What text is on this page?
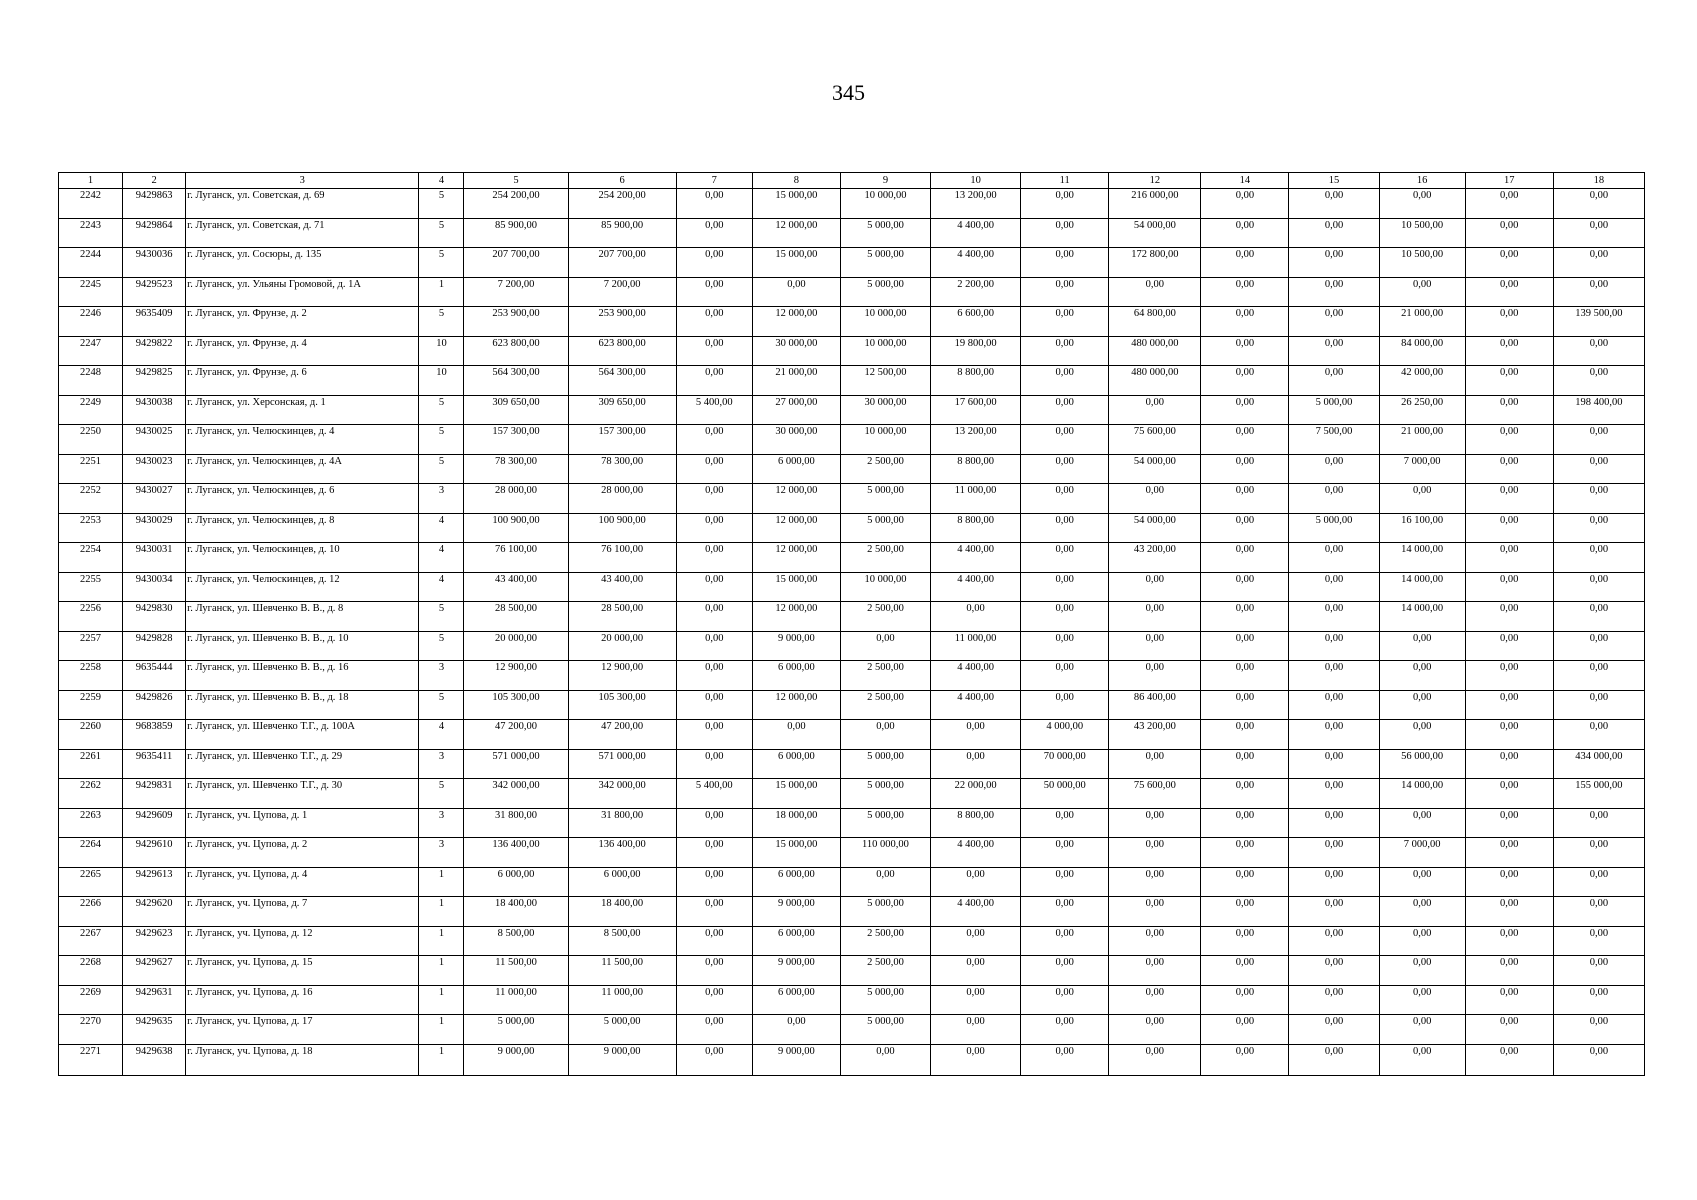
345
1	2	3	4	5	6	7	8	9	10	11	12	14	15	16	17	18
2242	9429863	г. Луганск, ул. Советская, д. 69	5	254 200,00	254 200,00	0,00	15 000,00	10 000,00	13 200,00	0,00	216 000,00	0,00	0,00	0,00	0,00	0,00
2243	9429864	г. Луганск, ул. Советская, д. 71	5	85 900,00	85 900,00	0,00	12 000,00	5 000,00	4 400,00	0,00	54 000,00	0,00	0,00	10 500,00	0,00	0,00
2244	9430036	г. Луганск, ул. Сосюры, д. 135	5	207 700,00	207 700,00	0,00	15 000,00	5 000,00	4 400,00	0,00	172 800,00	0,00	0,00	10 500,00	0,00	0,00
2245	9429523	г. Луганск, ул. Ульяны Громовой, д. 1А	1	7 200,00	7 200,00	0,00	0,00	5 000,00	2 200,00	0,00	0,00	0,00	0,00	0,00	0,00	0,00
2246	9635409	г. Луганск, ул. Фрунзе, д. 2	5	253 900,00	253 900,00	0,00	12 000,00	10 000,00	6 600,00	0,00	64 800,00	0,00	0,00	21 000,00	0,00	139 500,00
2247	9429822	г. Луганск, ул. Фрунзе, д. 4	10	623 800,00	623 800,00	0,00	30 000,00	10 000,00	19 800,00	0,00	480 000,00	0,00	0,00	84 000,00	0,00	0,00
2248	9429825	г. Луганск, ул. Фрунзе, д. 6	10	564 300,00	564 300,00	0,00	21 000,00	12 500,00	8 800,00	0,00	480 000,00	0,00	0,00	42 000,00	0,00	0,00
2249	9430038	г. Луганск, ул. Херсонская, д. 1	5	309 650,00	309 650,00	5 400,00	27 000,00	30 000,00	17 600,00	0,00	0,00	0,00	5 000,00	26 250,00	0,00	198 400,00
2250	9430025	г. Луганск, ул. Челюскинцев, д. 4	5	157 300,00	157 300,00	0,00	30 000,00	10 000,00	13 200,00	0,00	75 600,00	0,00	7 500,00	21 000,00	0,00	0,00
2251	9430023	г. Луганск, ул. Челюскинцев, д. 4А	5	78 300,00	78 300,00	0,00	6 000,00	2 500,00	8 800,00	0,00	54 000,00	0,00	0,00	7 000,00	0,00	0,00
2252	9430027	г. Луганск, ул. Челюскинцев, д. 6	3	28 000,00	28 000,00	0,00	12 000,00	5 000,00	11 000,00	0,00	0,00	0,00	0,00	0,00	0,00	0,00
2253	9430029	г. Луганск, ул. Челюскинцев, д. 8	4	100 900,00	100 900,00	0,00	12 000,00	5 000,00	8 800,00	0,00	54 000,00	0,00	5 000,00	16 100,00	0,00	0,00
2254	9430031	г. Луганск, ул. Челюскинцев, д. 10	4	76 100,00	76 100,00	0,00	12 000,00	2 500,00	4 400,00	0,00	43 200,00	0,00	0,00	14 000,00	0,00	0,00
2255	9430034	г. Луганск, ул. Челюскинцев, д. 12	4	43 400,00	43 400,00	0,00	15 000,00	10 000,00	4 400,00	0,00	0,00	0,00	0,00	14 000,00	0,00	0,00
2256	9429830	г. Луганск, ул. Шевченко В. В., д. 8	5	28 500,00	28 500,00	0,00	12 000,00	2 500,00	0,00	0,00	0,00	0,00	0,00	14 000,00	0,00	0,00
2257	9429828	г. Луганск, ул. Шевченко В. В., д. 10	5	20 000,00	20 000,00	0,00	9 000,00	0,00	11 000,00	0,00	0,00	0,00	0,00	0,00	0,00	0,00
2258	9635444	г. Луганск, ул. Шевченко В. В., д. 16	3	12 900,00	12 900,00	0,00	6 000,00	2 500,00	4 400,00	0,00	0,00	0,00	0,00	0,00	0,00	0,00
2259	9429826	г. Луганск, ул. Шевченко В. В., д. 18	5	105 300,00	105 300,00	0,00	12 000,00	2 500,00	4 400,00	0,00	86 400,00	0,00	0,00	0,00	0,00	0,00
2260	9683859	г. Луганск, ул. Шевченко Т.Г., д. 100А	4	47 200,00	47 200,00	0,00	0,00	0,00	0,00	4 000,00	43 200,00	0,00	0,00	0,00	0,00	0,00
2261	9635411	г. Луганск, ул. Шевченко Т.Г., д. 29	3	571 000,00	571 000,00	0,00	6 000,00	5 000,00	0,00	70 000,00	0,00	0,00	0,00	56 000,00	0,00	434 000,00
2262	9429831	г. Луганск, ул. Шевченко Т.Г., д. 30	5	342 000,00	342 000,00	5 400,00	15 000,00	5 000,00	22 000,00	50 000,00	75 600,00	0,00	0,00	14 000,00	0,00	155 000,00
2263	9429609	г. Луганск, уч. Цупова, д. 1	3	31 800,00	31 800,00	0,00	18 000,00	5 000,00	8 800,00	0,00	0,00	0,00	0,00	0,00	0,00	0,00
2264	9429610	г. Луганск, уч. Цупова, д. 2	3	136 400,00	136 400,00	0,00	15 000,00	110 000,00	4 400,00	0,00	0,00	0,00	0,00	7 000,00	0,00	0,00
2265	9429613	г. Луганск, уч. Цупова, д. 4	1	6 000,00	6 000,00	0,00	6 000,00	0,00	0,00	0,00	0,00	0,00	0,00	0,00	0,00	0,00
2266	9429620	г. Луганск, уч. Цупова, д. 7	1	18 400,00	18 400,00	0,00	9 000,00	5 000,00	4 400,00	0,00	0,00	0,00	0,00	0,00	0,00	0,00
2267	9429623	г. Луганск, уч. Цупова, д. 12	1	8 500,00	8 500,00	0,00	6 000,00	2 500,00	0,00	0,00	0,00	0,00	0,00	0,00	0,00	0,00
2268	9429627	г. Луганск, уч. Цупова, д. 15	1	11 500,00	11 500,00	0,00	9 000,00	2 500,00	0,00	0,00	0,00	0,00	0,00	0,00	0,00	0,00
2269	9429631	г. Луганск, уч. Цупова, д. 16	1	11 000,00	11 000,00	0,00	6 000,00	5 000,00	0,00	0,00	0,00	0,00	0,00	0,00	0,00	0,00
2270	9429635	г. Луганск, уч. Цупова, д. 17	1	5 000,00	5 000,00	0,00	0,00	5 000,00	0,00	0,00	0,00	0,00	0,00	0,00	0,00	0,00
2271	9429638	г. Луганск, уч. Цупова, д. 18	1	9 000,00	9 000,00	0,00	9 000,00	0,00	0,00	0,00	0,00	0,00	0,00	0,00	0,00	0,00
